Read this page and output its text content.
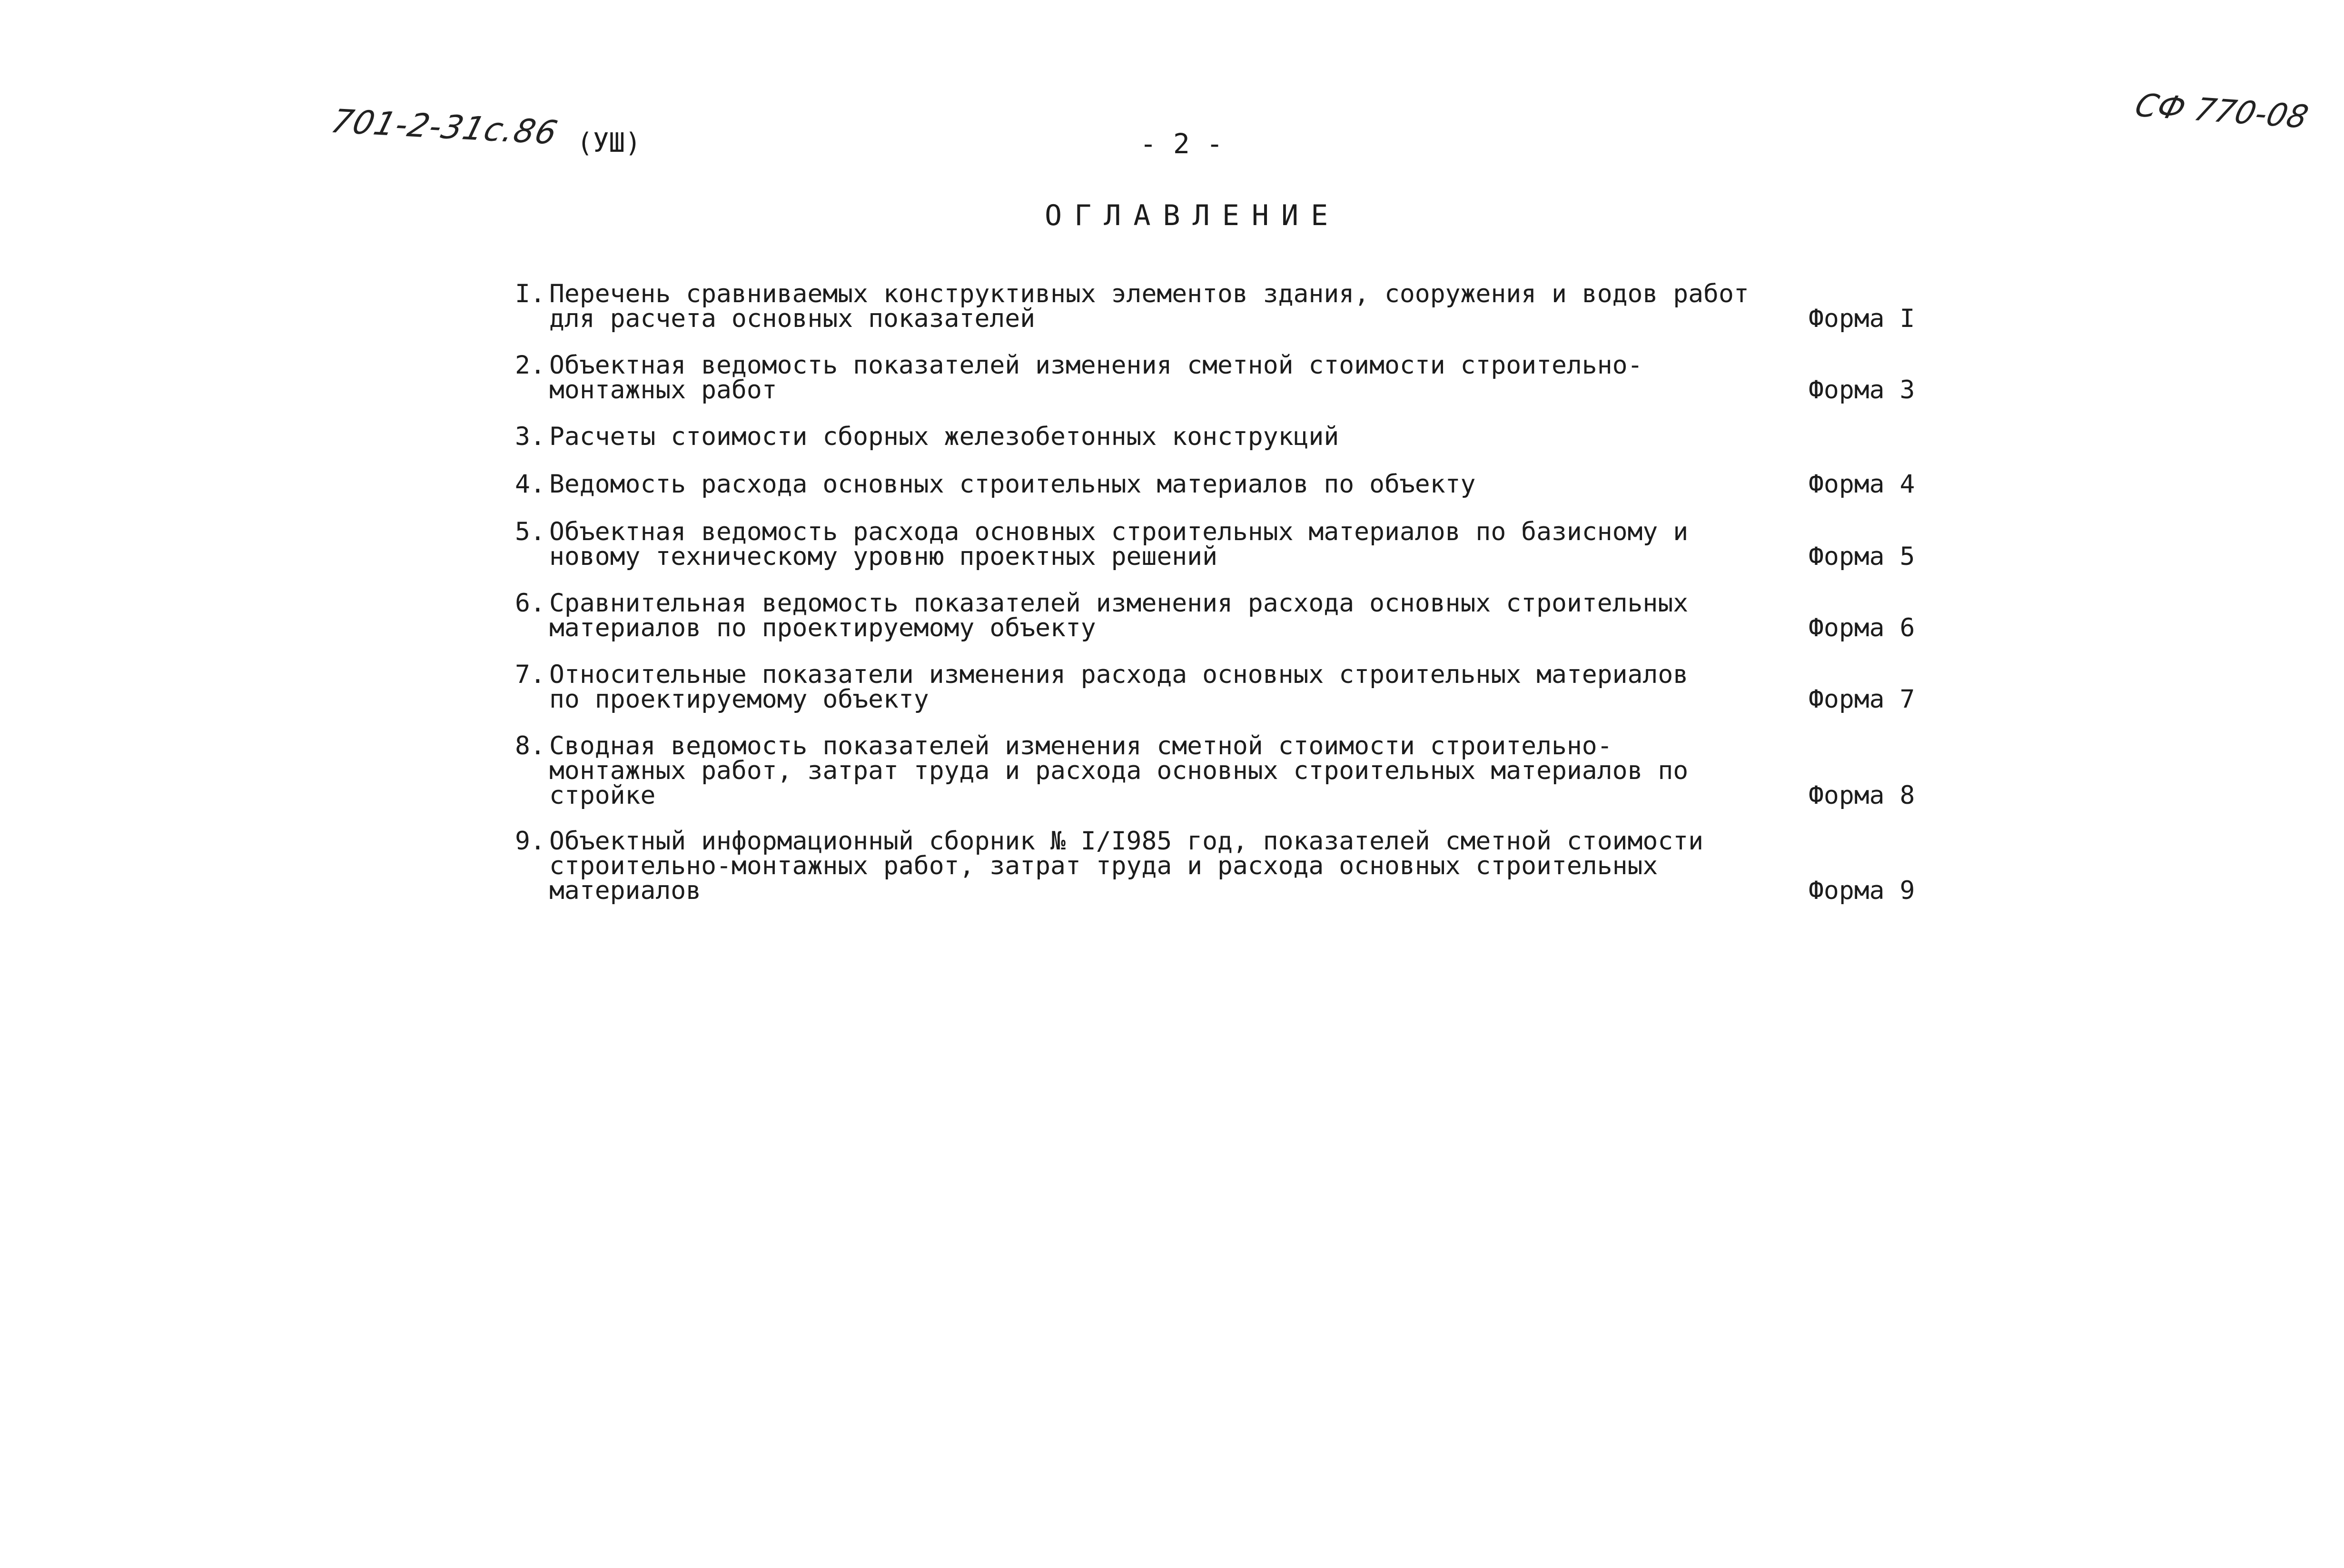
701-2-31с.86 (УШ)	- 2 -
СФ 770-08
ОГЛАВЛЕНИЕ
I. Перечень сравниваемых конструктивных элементов здания, сооружения и водов работ
для расчета основных показателей	Форма I
2. Объектная ведомость показателей изменения сметной стоимости строительно-
монтажных работ	Форма 3
3. Расчеты стоимости сборных железобетонных конструкций
4. Ведомость расхода основных строительных материалов по объекту	Форма 4
5. Объектная ведомость расхода основных строительных материалов по базисному и
новому техническому уровню проектных решений	Форма 5
6. Сравнительная ведомость показателей изменения расхода основных строительных
материалов по проектируемому объекту	Форма 6
7. Относительные показатели изменения расхода основных строительных материалов
по проектируемому объекту	Форма 7
8. Сводная ведомость показателей изменения сметной стоимости строительно-
монтажных работ, затрат труда и расхода основных строительных материалов по
стройке	Форма 8
9. Объектный информационный сборник № I/I985 год, показателей сметной стоимости
строительно-монтажных работ, затрат труда и расхода основных строительных
материалов	Форма 9
